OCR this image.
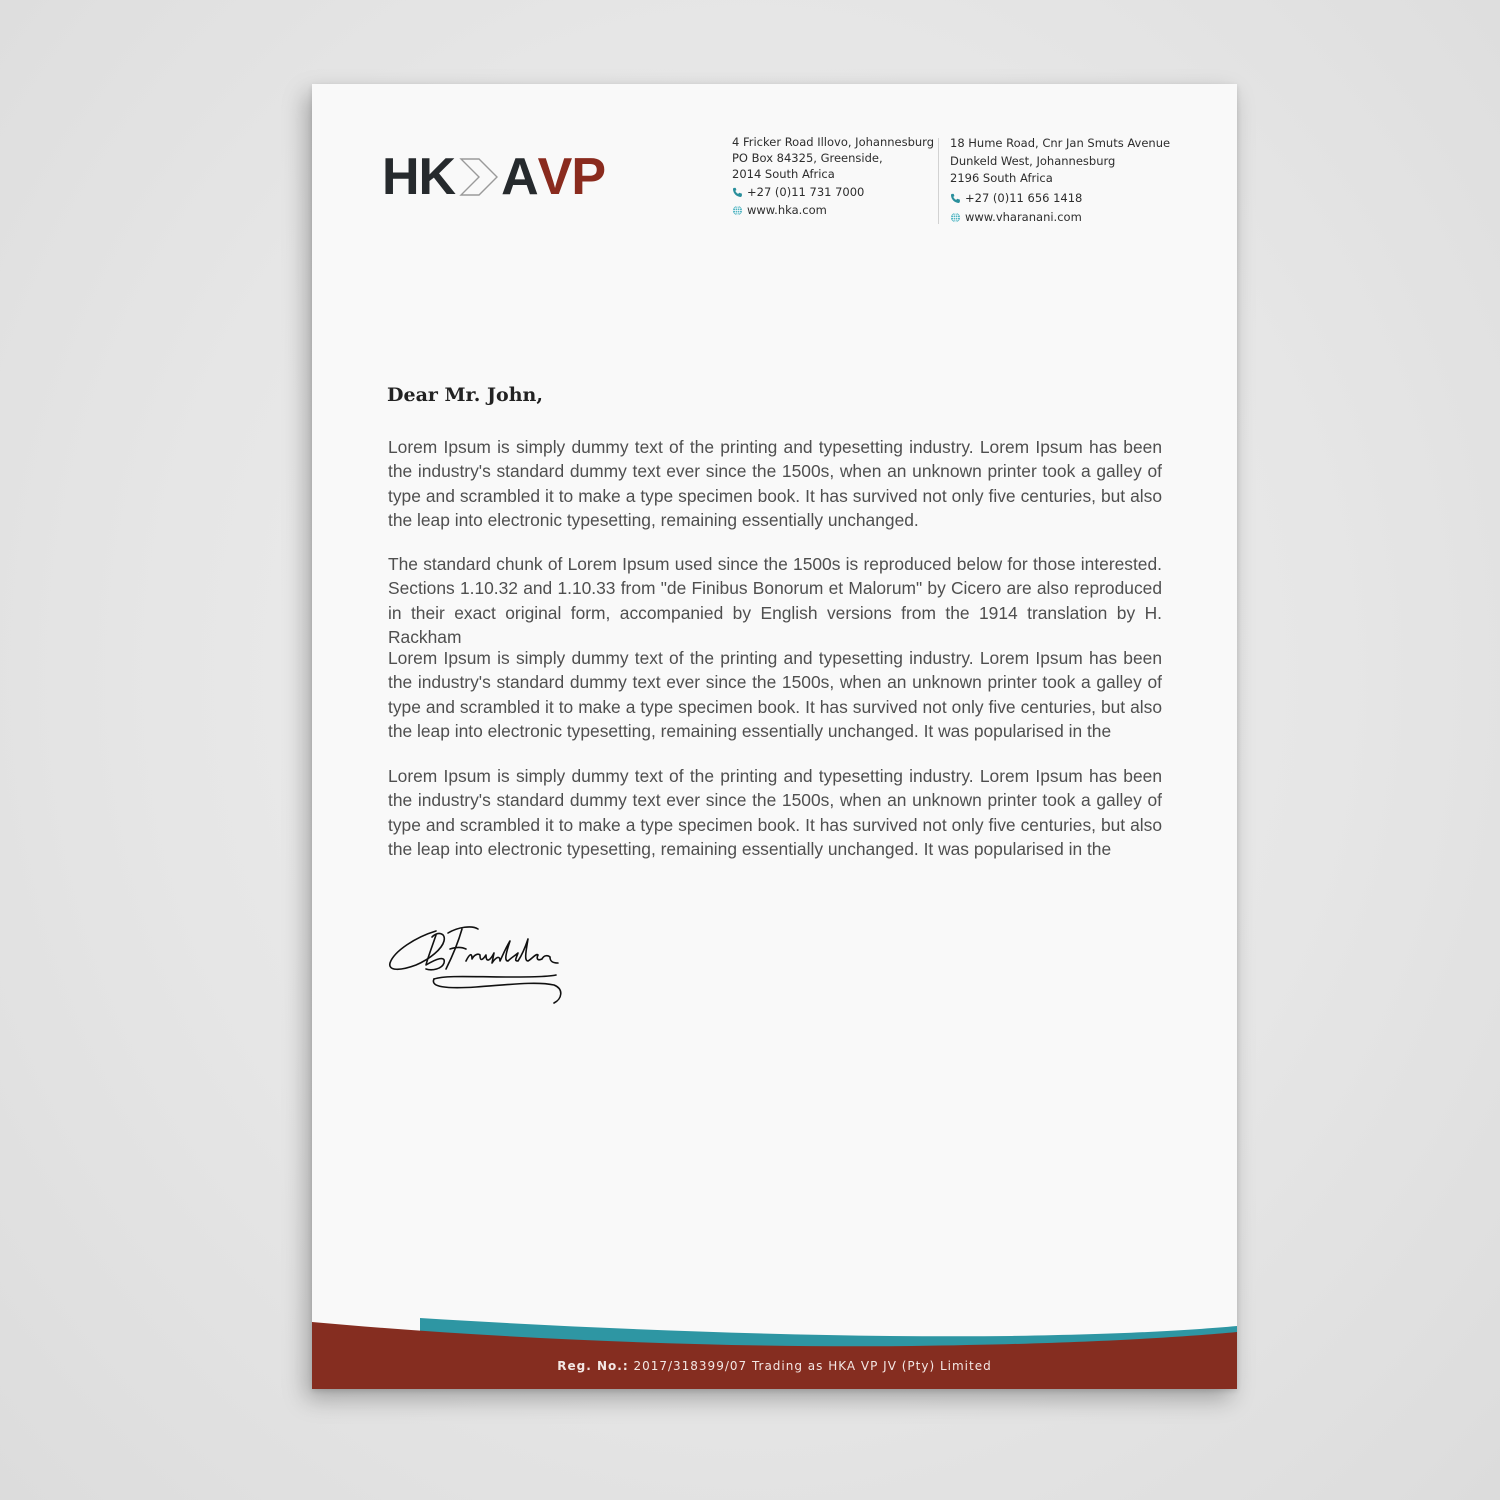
HK A VP
4 Fricker Road Illovo, Johannesburg
PO Box 84325, Greenside,
2014 South Africa
+27 (0)11 731 7000
www.hka.com
18 Hume Road, Cnr Jan Smuts Avenue
Dunkeld West, Johannesburg
2196 South Africa
+27 (0)11 656 1418
www.vharanani.com
Dear Mr. John,
Lorem Ipsum is simply dummy text of the printing and typesetting industry. Lorem Ipsum has been the industry's standard dummy text ever since the 1500s, when an unknown printer took a galley of type and scrambled it to make a type specimen book. It has survived not only five centuries, but also the leap into electronic typesetting, remaining essentially unchanged.
The standard chunk of Lorem Ipsum used since the 1500s is reproduced below for those interested. Sections 1.10.32 and 1.10.33 from "de Finibus Bonorum et Malorum" by Cicero are also reproduced in their exact original form, accompanied by English versions from the 1914 translation by H. Rackham
Lorem Ipsum is simply dummy text of the printing and typesetting industry. Lorem Ipsum has been the industry's standard dummy text ever since the 1500s, when an unknown printer took a galley of type and scrambled it to make a type specimen book. It has survived not only five centuries, but also the leap into electronic typesetting, remaining essentially unchanged. It was popularised in the
Lorem Ipsum is simply dummy text of the printing and typesetting industry. Lorem Ipsum has been the industry's standard dummy text ever since the 1500s, when an unknown printer took a galley of type and scrambled it to make a type specimen book. It has survived not only five centuries, but also the leap into electronic typesetting, remaining essentially unchanged. It was popularised in the
Reg. No.: 2017/318399/07 Trading as HKA VP JV (Pty) Limited
